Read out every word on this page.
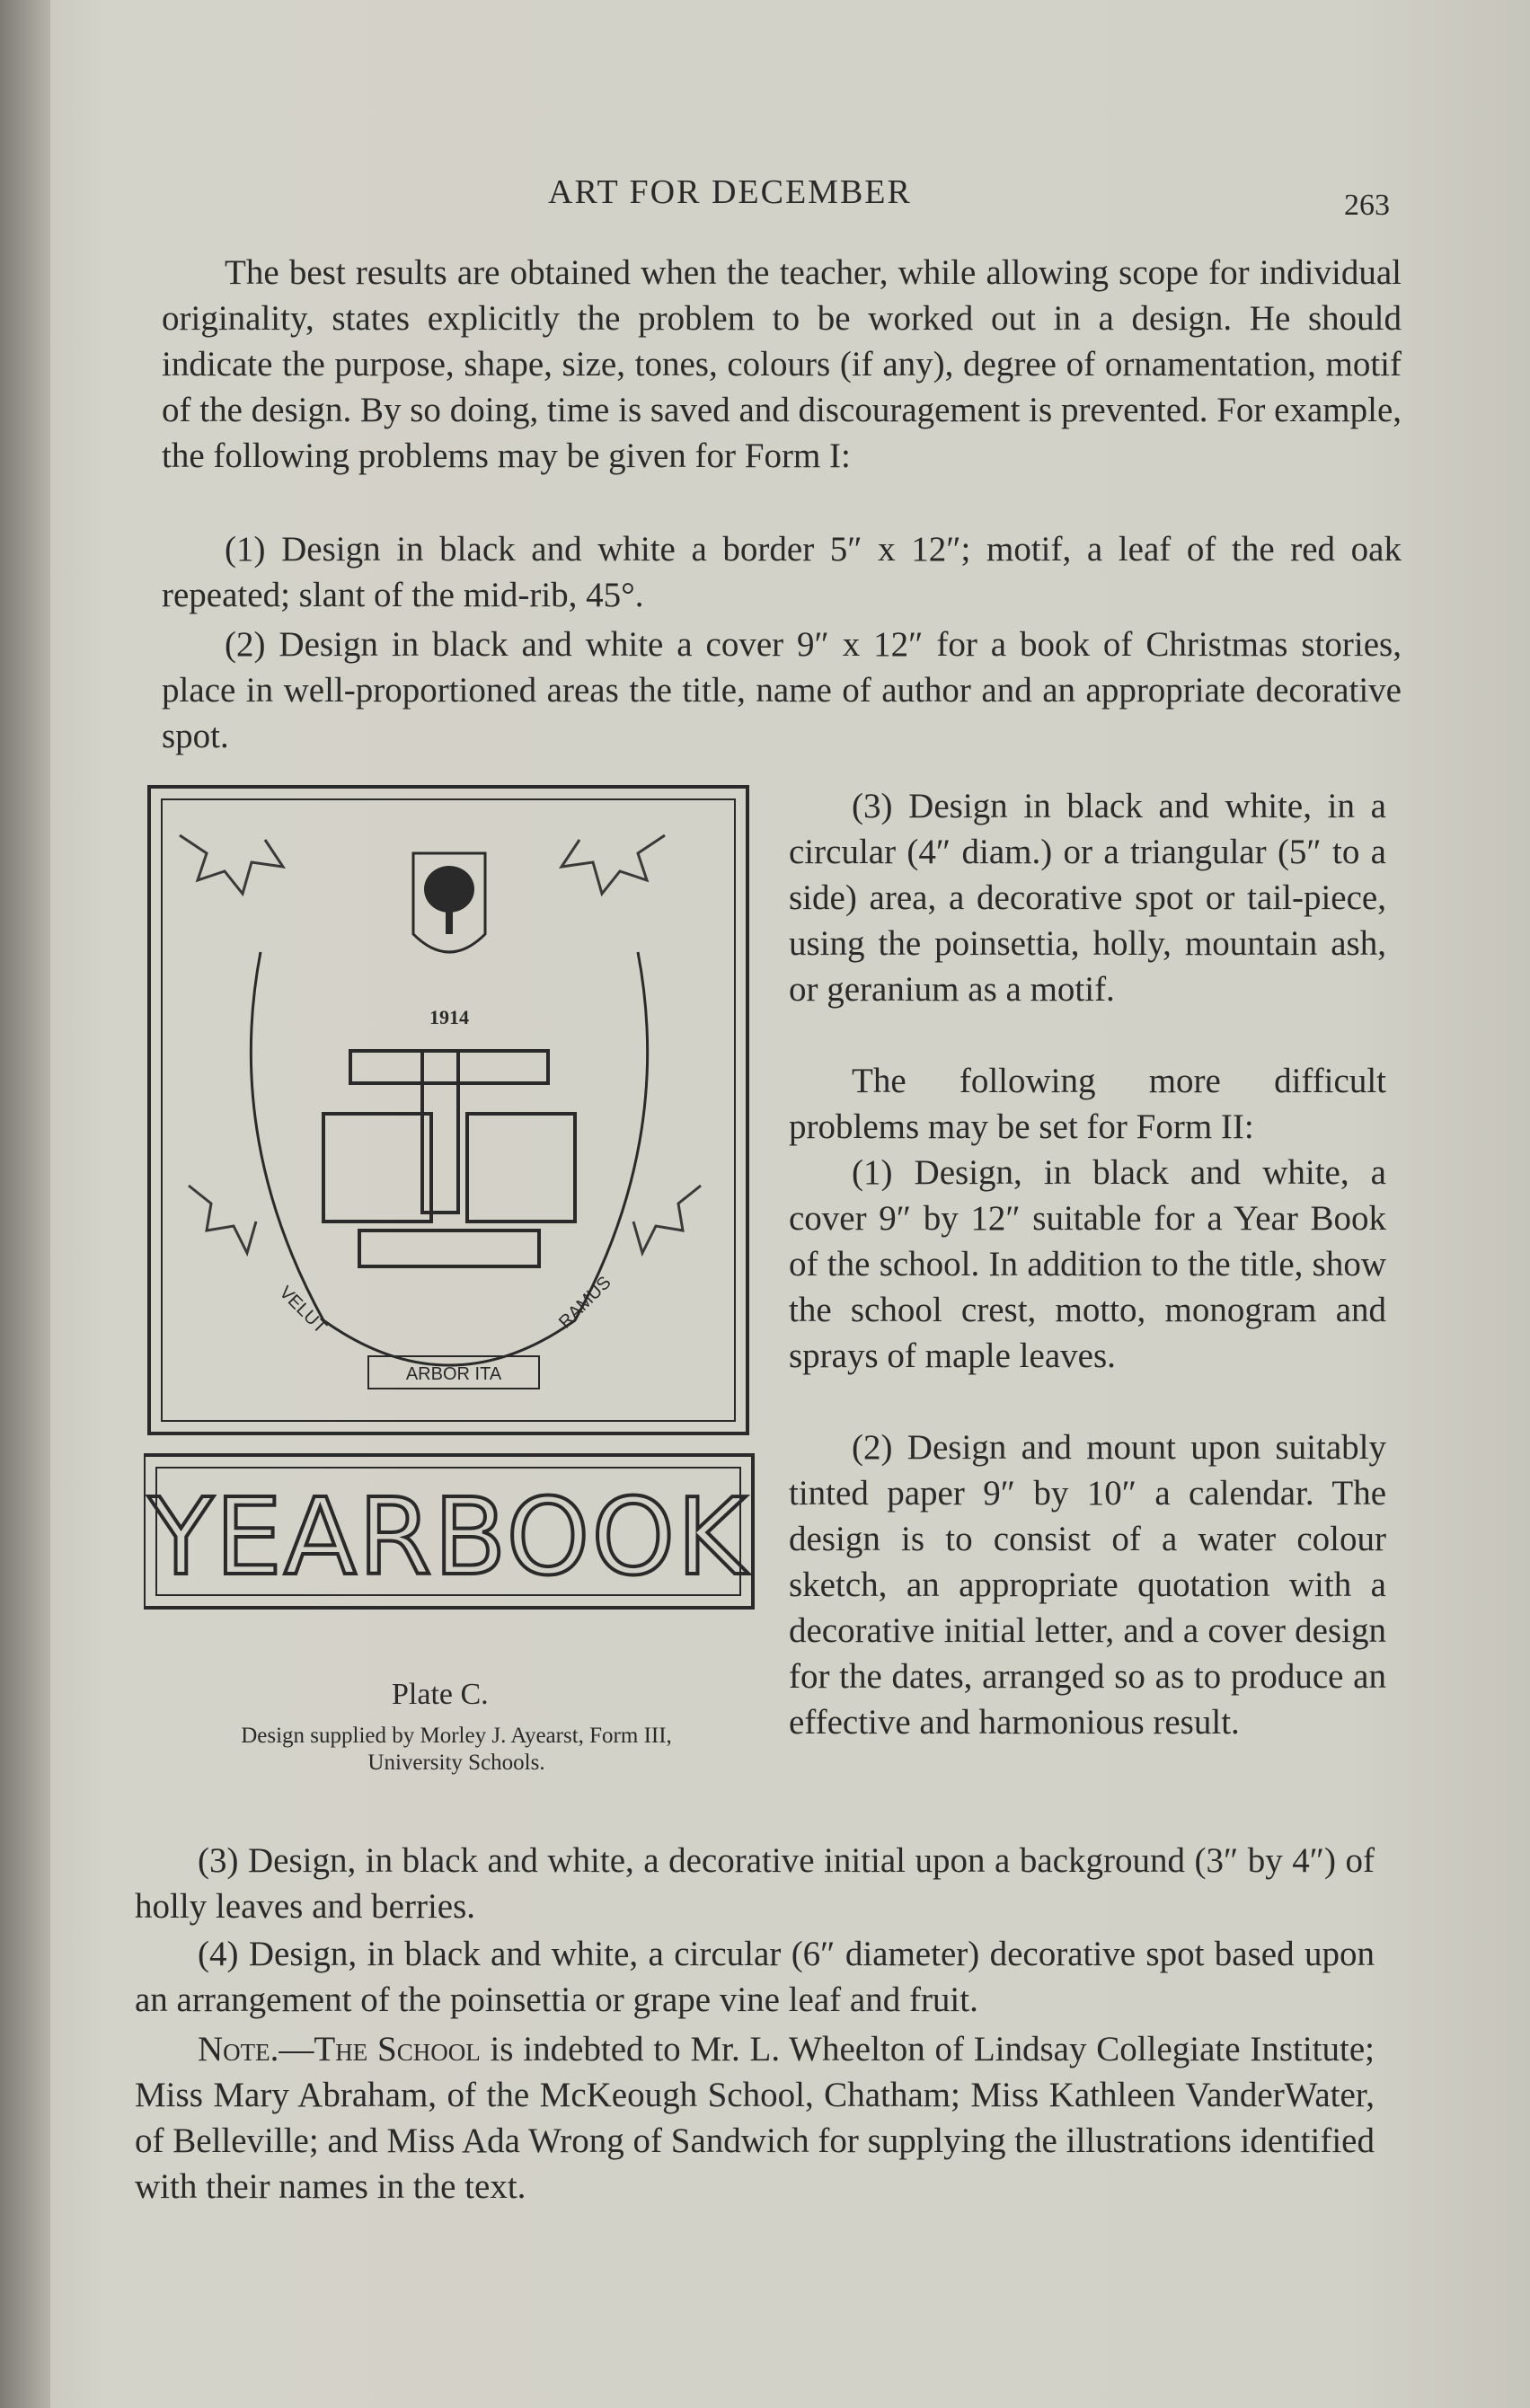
ART FOR DECEMBER	263
The best results are obtained when the teacher, while allowing scope for individual originality, states explicitly the problem to be worked out in a design. He should indicate the purpose, shape, size, tones, colours (if any), degree of ornamentation, motif of the design. By so doing, time is saved and discouragement is prevented. For example, the following problems may be given for Form I:
(1) Design in black and white a border 5″ x 12″; motif, a leaf of the red oak repeated; slant of the mid-rib, 45°.
(2) Design in black and white a cover 9″ x 12″ for a book of Christmas stories, place in well-proportioned areas the title, name of author and an appropriate decorative spot.
1914
VELUT	RAMUS
ARBOR ITA
YEARBOOK
Plate C.
Design supplied by Morley J. Ayearst, Form III, University Schools.
(3) Design in black and white, in a circular (4″ diam.) or a triangular (5″ to a side) area, a decorative spot or tail-piece, using the poinsettia, holly, mountain ash, or geranium as a motif.
The following more difficult problems may be set for Form II:
(1) Design, in black and white, a cover 9″ by 12″ suitable for a Year Book of the school. In addition to the title, show the school crest, motto, monogram and sprays of maple leaves.
(2) Design and mount upon suitably tinted paper 9″ by 10″ a calendar. The design is to consist of a water colour sketch, an appropriate quotation with a decorative initial letter, and a cover design for the dates, arranged so as to produce an effective and harmonious result.
(3) Design, in black and white, a decorative initial upon a background (3″ by 4″) of holly leaves and berries.
(4) Design, in black and white, a circular (6″ diameter) decorative spot based upon an arrangement of the poinsettia or grape vine leaf and fruit.
Note.—The School is indebted to Mr. L. Wheelton of Lindsay Collegiate Institute; Miss Mary Abraham, of the McKeough School, Chatham; Miss Kathleen VanderWater, of Belleville; and Miss Ada Wrong of Sandwich for supplying the illustrations identified with their names in the text.
